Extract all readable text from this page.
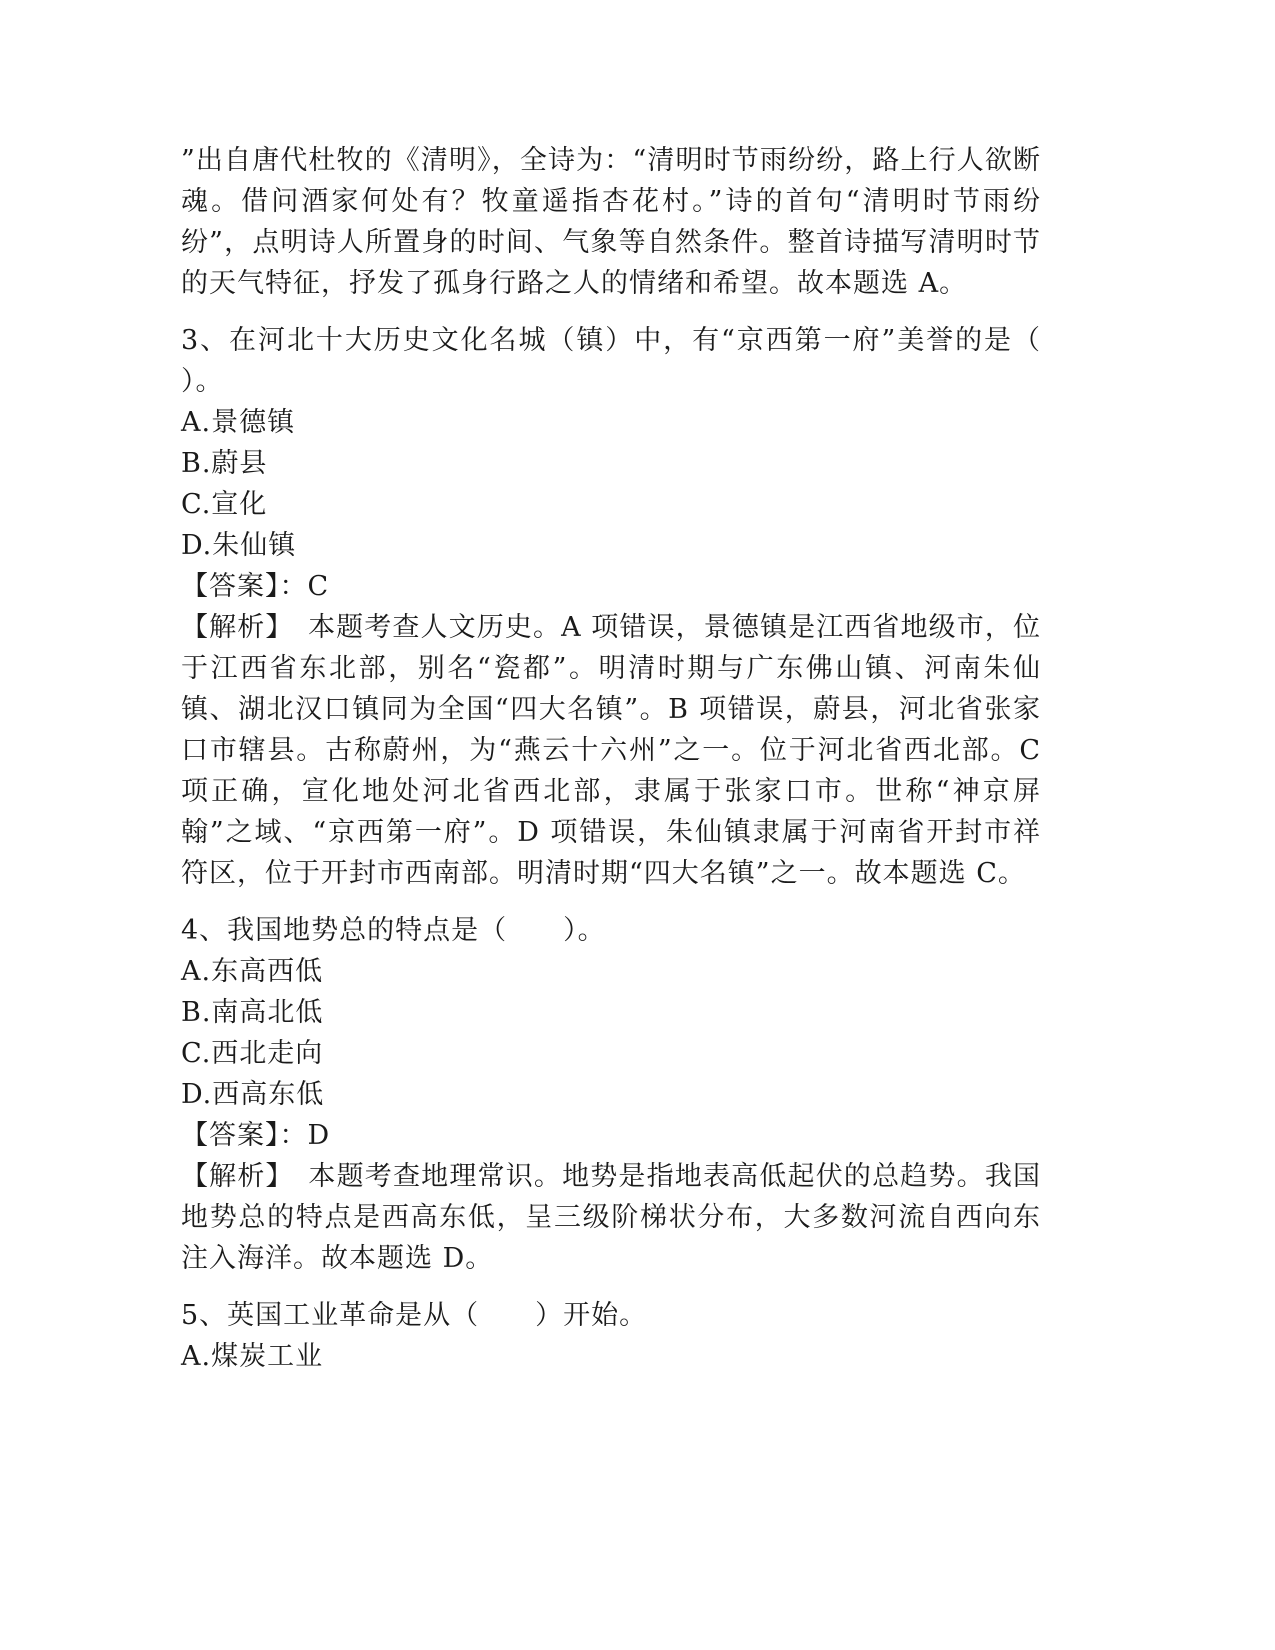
”出自唐代杜牧的《清明》，全诗为：“清明时节雨纷纷，路上行人欲断魂。借问酒家何处有？牧童遥指杏花村。”诗的首句“清明时节雨纷纷”，点明诗人所置身的时间、气象等自然条件。整首诗描写清明时节的天气特征，抒发了孤身行路之人的情绪和希望。故本题选 A。

3、在河北十大历史文化名城（镇）中，有“京西第一府”美誉的是（ ）。

A.景德镇

B.蔚县

C.宣化

D.朱仙镇

【答案】：C

【解析】　本题考查人文历史。A 项错误，景德镇是江西省地级市，位于江西省东北部，别名“瓷都”。明清时期与广东佛山镇、河南朱仙镇、湖北汉口镇同为全国“四大名镇”。B 项错误，蔚县，河北省张家口市辖县。古称蔚州，为“燕云十六州”之一。位于河北省西北部。C 项正确，宣化地处河北省西北部，隶属于张家口市。世称“神京屏翰”之域、“京西第一府”。D 项错误，朱仙镇隶属于河南省开封市祥符区，位于开封市西南部。明清时期“四大名镇”之一。故本题选 C。

4、我国地势总的特点是（　　）。

A.东高西低

B.南高北低

C.西北走向

D.西高东低

【答案】：D

【解析】　本题考查地理常识。地势是指地表高低起伏的总趋势。我国地势总的特点是西高东低，呈三级阶梯状分布，大多数河流自西向东注入海洋。故本题选 D。

5、英国工业革命是从（　　）开始。

A.煤炭工业
